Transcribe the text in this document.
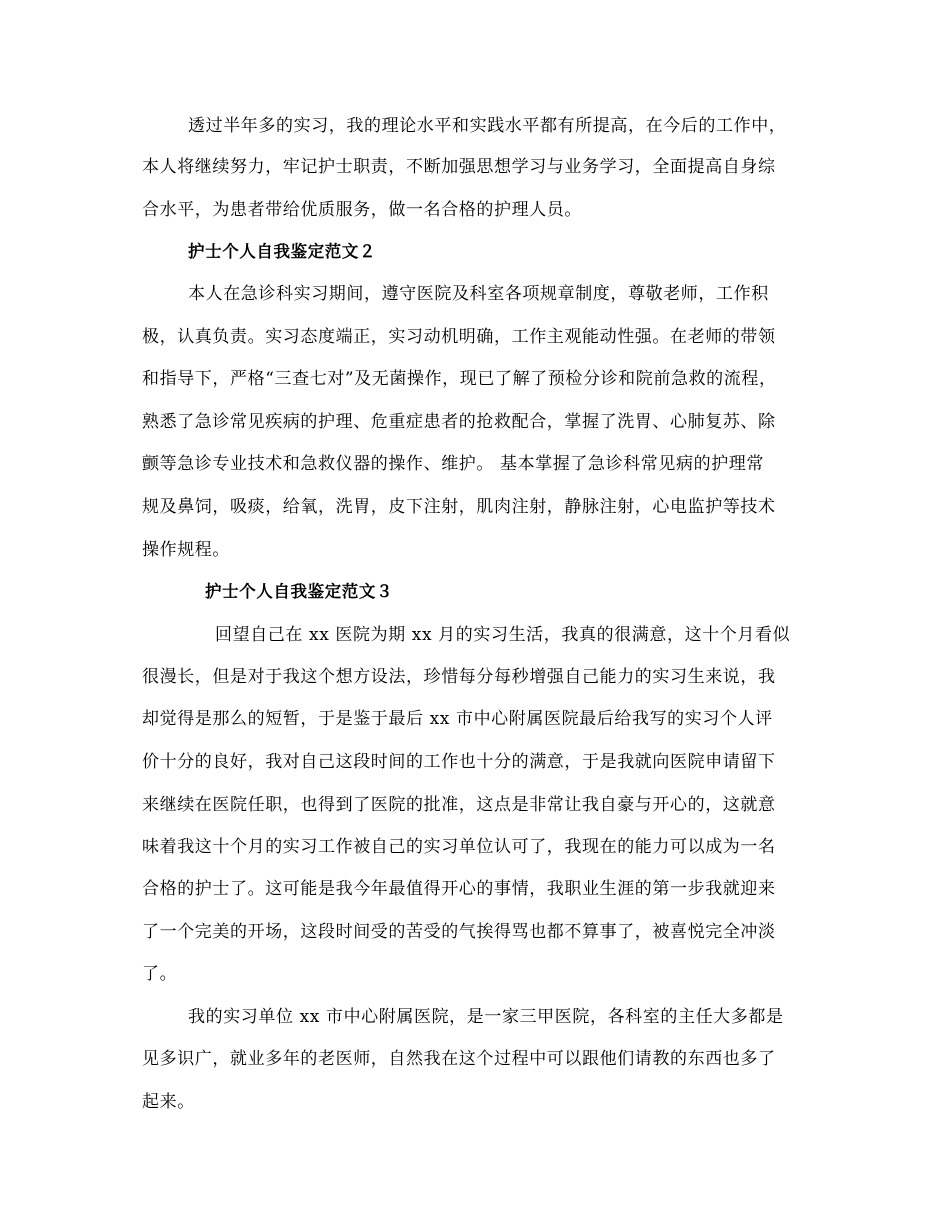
透过半年多的实习，我的理论水平和实践水平都有所提高，在今后的工作中，
本人将继续努力，牢记护士职责，不断加强思想学习与业务学习，全面提高自身综
合水平，为患者带给优质服务，做一名合格的护理人员。
护士个人自我鉴定范文２
本人在急诊科实习期间，遵守医院及科室各项规章制度，尊敬老师，工作积
极，认真负责。实习态度端正，实习动机明确，工作主观能动性强。在老师的带领
和指导下，严格“三查七对”及无菌操作，现已了解了预检分诊和院前急救的流程，
熟悉了急诊常见疾病的护理、危重症患者的抢救配合，掌握了洗胃、心肺复苏、除
颤等急诊专业技术和急救仪器的操作、维护。 基本掌握了急诊科常见病的护理常
规及鼻饲，吸痰，给氧，洗胃，皮下注射，肌肉注射，静脉注射，心电监护等技术
操作规程。
护士个人自我鉴定范文３
回望自己在 xx 医院为期 xx 月的实习生活，我真的很满意，这十个月看似
很漫长，但是对于我这个想方设法，珍惜每分每秒增强自己能力的实习生来说，我
却觉得是那么的短暂，于是鉴于最后 xx 市中心附属医院最后给我写的实习个人评
价十分的良好，我对自己这段时间的工作也十分的满意，于是我就向医院申请留下
来继续在医院任职，也得到了医院的批准，这点是非常让我自豪与开心的，这就意
味着我这十个月的实习工作被自己的实习单位认可了，我现在的能力可以成为一名
合格的护士了。这可能是我今年最值得开心的事情，我职业生涯的第一步我就迎来
了一个完美的开场，这段时间受的苦受的气挨得骂也都不算事了，被喜悦完全冲淡
了。
我的实习单位 xx 市中心附属医院，是一家三甲医院，各科室的主任大多都是
见多识广，就业多年的老医师，自然我在这个过程中可以跟他们请教的东西也多了
起来。
